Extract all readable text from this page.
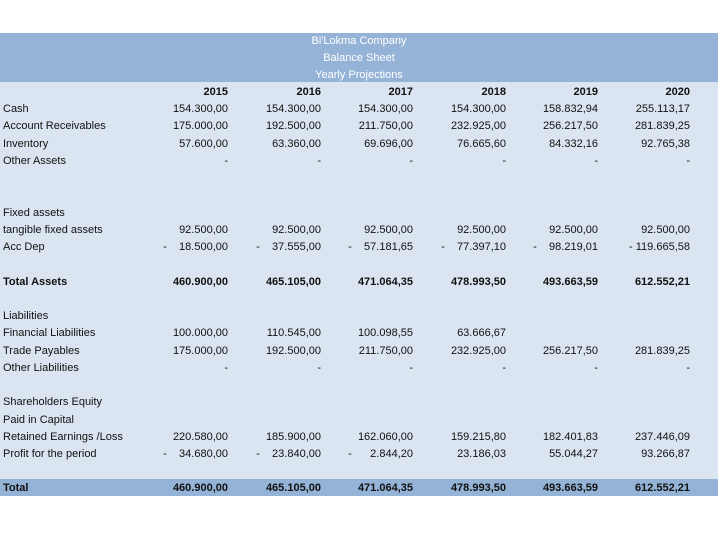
Bi'Lokma Company
Balance Sheet
Yearly Projections
2015	2016	2017	2018	2019	2020
Cash	154.300,00	154.300,00	154.300,00	154.300,00	158.832,94	255.113,17
Account Receivables	175.000,00	192.500,00	211.750,00	232.925,00	256.217,50	281.839,25
Inventory	57.600,00	63.360,00	69.696,00	76.665,60	84.332,16	92.765,38
Other Assets	-	-	-	-	-	-
Fixed assets
tangible fixed assets	92.500,00	92.500,00	92.500,00	92.500,00	92.500,00	92.500,00
Acc Dep	-    18.500,00	-    37.555,00	-    57.181,65	-    77.397,10	-    98.219,01	- 119.665,58
Total Assets	460.900,00	465.105,00	471.064,35	478.993,50	493.663,59	612.552,21
Liabilities
Financial Liabilities	100.000,00	110.545,00	100.098,55	63.666,67
Trade Payables	175.000,00	192.500,00	211.750,00	232.925,00	256.217,50	281.839,25
Other Liabilities	-	-	-	-	-	-
Shareholders Equity
Paid in Capital
Retained Earnings /Loss	220.580,00	185.900,00	162.060,00	159.215,80	182.401,83	237.446,09
Profit for the period	-    34.680,00	-    23.840,00	-      2.844,20	23.186,03	55.044,27	93.266,87
Total	460.900,00	465.105,00	471.064,35	478.993,50	493.663,59	612.552,21
